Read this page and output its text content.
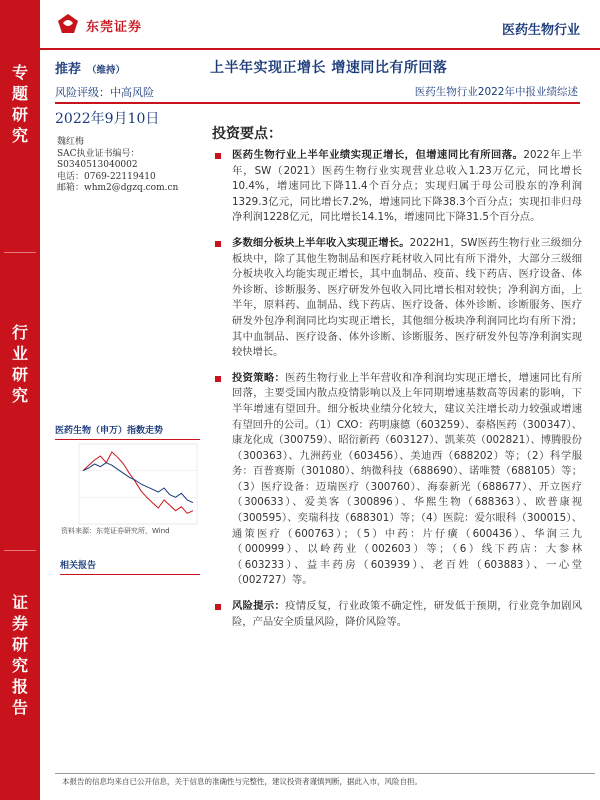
专题研究
行业研究
证券研究报告
东莞证券	医药生物行业
推荐 （维持）
风险评级：中高风险
上半年实现正增长 增速同比有所回落
医药生物行业2022年中报业绩综述
2022年9月10日
魏红梅
SAC执业证书编号：
S0340513040002
电话：0769-22119410
邮箱：whm2@dgzq.com.cn
医药生物（申万）指数走势
资料来源：东莞证券研究所，Wind
相关报告
投资要点：
医药生物行业上半年业绩实现正增长，但增速同比有所回落。2022年上半年，SW（2021）医药生物行业实现营业总收入1.23万亿元，同比增长10.4%，增速同比下降11.4个百分点；实现归属于母公司股东的净利润1329.3亿元，同比增长7.2%，增速同比下降38.3个百分点；实现扣非归母净利润1228亿元，同比增长14.1%，增速同比下降31.5个百分点。
多数细分板块上半年收入实现正增长。2022H1，SW医药生物行业三级细分板块中，除了其他生物制品和医疗耗材收入同比有所下滑外，大部分三级细分板块收入均能实现正增长，其中血制品、疫苗、线下药店、医疗设备、体外诊断、诊断服务、医疗研发外包收入同比增长相对较快；净利润方面，上半年，原料药、血制品、线下药店、医疗设备、体外诊断、诊断服务、医疗研发外包净利润同比均实现正增长，其他细分板块净利润同比均有所下滑；其中血制品、医疗设备、体外诊断、诊断服务、医疗研发外包等净利润实现较快增长。
投资策略：医药生物行业上半年营收和净利润均实现正增长，增速同比有所回落，主要受国内散点疫情影响以及上年同期增速基数高等因素的影响，下半年增速有望回升。细分板块业绩分化较大，建议关注增长动力较强或增速有望回升的公司。（1）CXO：药明康德（603259）、泰格医药（300347）、康龙化成（300759）、昭衍新药（603127）、凯莱英（002821）、博腾股份（300363）、九洲药业（603456）、美迪西（688202）等；（2）科学服务：百普赛斯（301080）、纳微科技（688690）、诺唯赞（688105）等；（3）医疗设备：迈瑞医疗（300760）、海泰新光（688677）、开立医疗（300633）、爱美客（300896）、华熙生物（688363）、欧普康视（300595）、奕瑞科技（688301）等；（4）医院：爱尔眼科（300015）、通策医疗（600763）；（5）中药：片仔癀（600436）、华润三九（000999）、以岭药业（002603）等；（6）线下药店：大参林（603233）、益丰药房（603939）、老百姓（603883）、一心堂（002727）等。
风险提示：疫情反复，行业政策不确定性，研发低于预期，行业竞争加剧风险，产品安全质量风险，降价风险等。
本报告的信息均来自已公开信息，关于信息的准确性与完整性，建议投资者谨慎判断，据此入市，风险自担。
